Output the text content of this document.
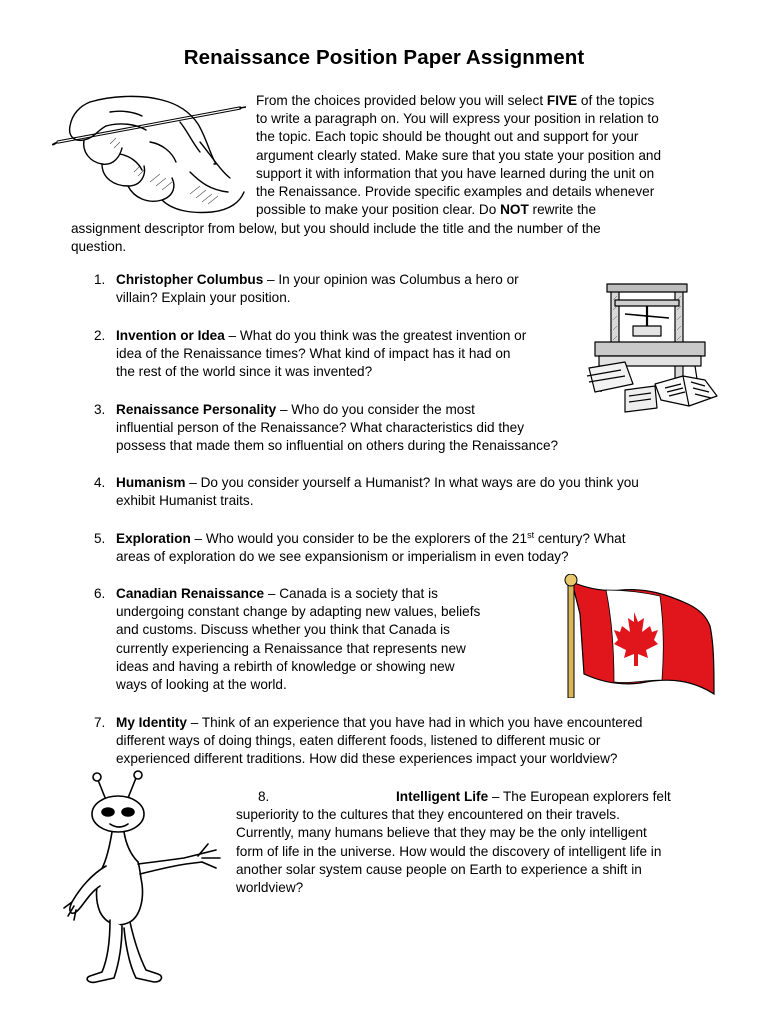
Renaissance Position Paper Assignment
From the choices provided below you will select FIVE of the topics
to write a paragraph on. You will express your position in relation to
the topic. Each topic should be thought out and support for your
argument clearly stated. Make sure that you state your position and
support it with information that you have learned during the unit on
the Renaissance. Provide specific examples and details whenever
possible to make your position clear. Do NOT rewrite the
assignment descriptor from below, but you should include the title and the number of the
question.
1. Christopher Columbus – In your opinion was Columbus a hero or
villain? Explain your position.
2. Invention or Idea – What do you think was the greatest invention or
idea of the Renaissance times? What kind of impact has it had on
the rest of the world since it was invented?
3. Renaissance Personality – Who do you consider the most
influential person of the Renaissance? What characteristics did they
possess that made them so influential on others during the Renaissance?
4. Humanism – Do you consider yourself a Humanist? In what ways are do you think you
exhibit Humanist traits.
5. Exploration – Who would you consider to be the explorers of the 21st century? What
areas of exploration do we see expansionism or imperialism in even today?
6. Canadian Renaissance – Canada is a society that is
undergoing constant change by adapting new values, beliefs
and customs. Discuss whether you think that Canada is
currently experiencing a Renaissance that represents new
ideas and having a rebirth of knowledge or showing new
ways of looking at the world.
7. My Identity – Think of an experience that you have had in which you have encountered
different ways of doing things, eaten different foods, listened to different music or
experienced different traditions. How did these experiences impact your worldview?
8.	Intelligent Life – The European explorers felt
superiority to the cultures that they encountered on their travels.
Currently, many humans believe that they may be the only intelligent
form of life in the universe. How would the discovery of intelligent life in
another solar system cause people on Earth to experience a shift in
worldview?
